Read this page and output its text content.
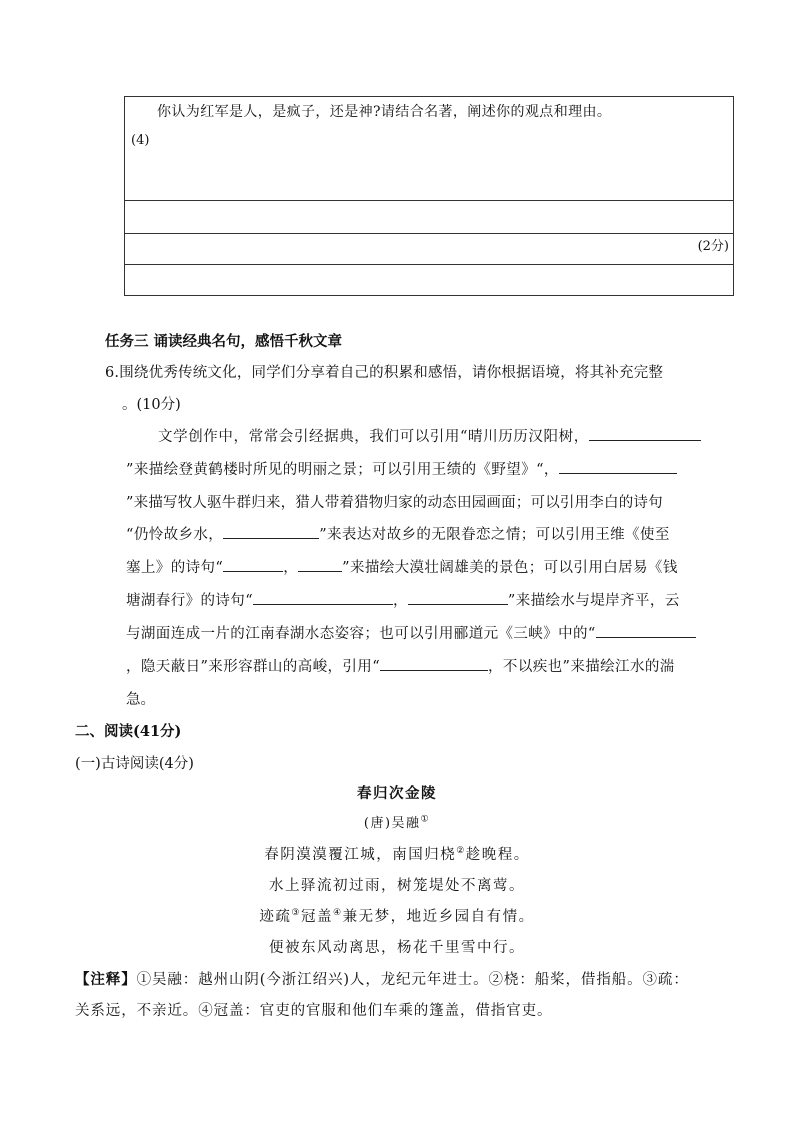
你认为红军是人，是疯子，还是神?请结合名著，阐述你的观点和理由。
(4)
(2分)
任务三 诵读经典名句，感悟千秋文章
6.围绕优秀传统文化，同学们分享着自己的积累和感悟，请你根据语境，将其补充完整
。(10分)
文学创作中，常常会引经据典，我们可以引用“晴川历历汉阳树，
”来描绘登黄鹤楼时所见的明丽之景；可以引用王绩的《野望》“，
”来描写牧人驱牛群归来，猎人带着猎物归家的动态田园画面；可以引用李白的诗句
“仍怜故乡水，	”来表达对故乡的无限眷恋之情；可以引用王维《使至
塞上》的诗句“	，	”来描绘大漠壮阔雄美的景色；可以引用白居易《钱
塘湖春行》的诗句“	，	”来描绘水与堤岸齐平，云
与湖面连成一片的江南春湖水态姿容；也可以引用郦道元《三峡》中的“
，隐天蔽日”来形容群山的高峻，引用“	，不以疾也”来描绘江水的湍
急。
二、阅读(41分)
(一)古诗阅读(4分)
春归次金陵
(唐)吴融①
春阴漠漠覆江城，南国归桡②趁晚程。
水上驿流初过雨，树笼堤处不离莺。
迹疏③冠盖④兼无梦，地近乡园自有情。
便被东风动离思，杨花千里雪中行。
【注释】①吴融：越州山阴(今浙江绍兴)人，龙纪元年进士。②桡：船桨，借指船。③疏：
关系远，不亲近。④冠盖：官吏的官服和他们车乘的篷盖，借指官吏。
